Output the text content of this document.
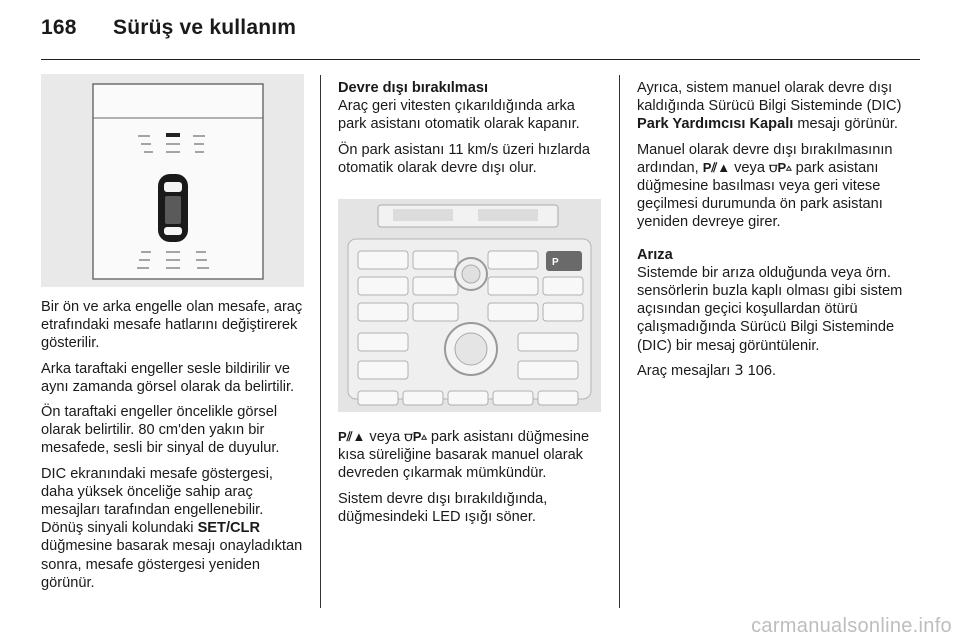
168 Sürüş ve kullanım
P

Bir ön ve arka engelle olan mesafe, araç etrafındaki mesafe hatlarını değiştirerek gösterilir.

Arka taraftaki engeller sesle bildirilir ve aynı zamanda görsel olarak da belirtilir.

Ön taraftaki engeller öncelikle görsel olarak belirtilir. 80 cm'den yakın bir mesafede, sesli bir sinyal de duyulur.

DIC ekranındaki mesafe göstergesi, daha yüksek önceliğe sahip araç mesajları tarafından engellenebilir. Dönüş sinyali kolundaki SET/CLR düğmesine basarak mesajı onayladıktan sonra, mesafe göstergesi yeniden görünür.

Devre dışı bırakılması

Araç geri vitesten çıkarıldığında arka park asistanı otomatik olarak kapanır.

Ön park asistanı 11 km/s üzeri hızlarda otomatik olarak devre dışı olur.

P⫽▲ veya ⩌P▵ park asistanı düğmesine kısa süreliğine basarak manuel olarak devreden çıkarmak mümkündür.

Sistem devre dışı bırakıldığında, düğmesindeki LED ışığı söner.

Ayrıca, sistem manuel olarak devre dışı kaldığında Sürücü Bilgi Sisteminde (DIC) Park Yardımcısı Kapalı mesajı görünür.

Manuel olarak devre dışı bırakılmasının ardından, P⫽▲ veya ⩌P▵ park asistanı düğmesine basılması veya geri vitese geçilmesi durumunda ön park asistanı yeniden devreye girer.

Arıza

Sistemde bir arıza olduğunda veya örn. sensörlerin buzla kaplı olması gibi sistem açısından geçici koşullardan ötürü çalışmadığında Sürücü Bilgi Sisteminde (DIC) bir mesaj görüntülenir.

Araç mesajları 3 106.

carmanualsonline.info
